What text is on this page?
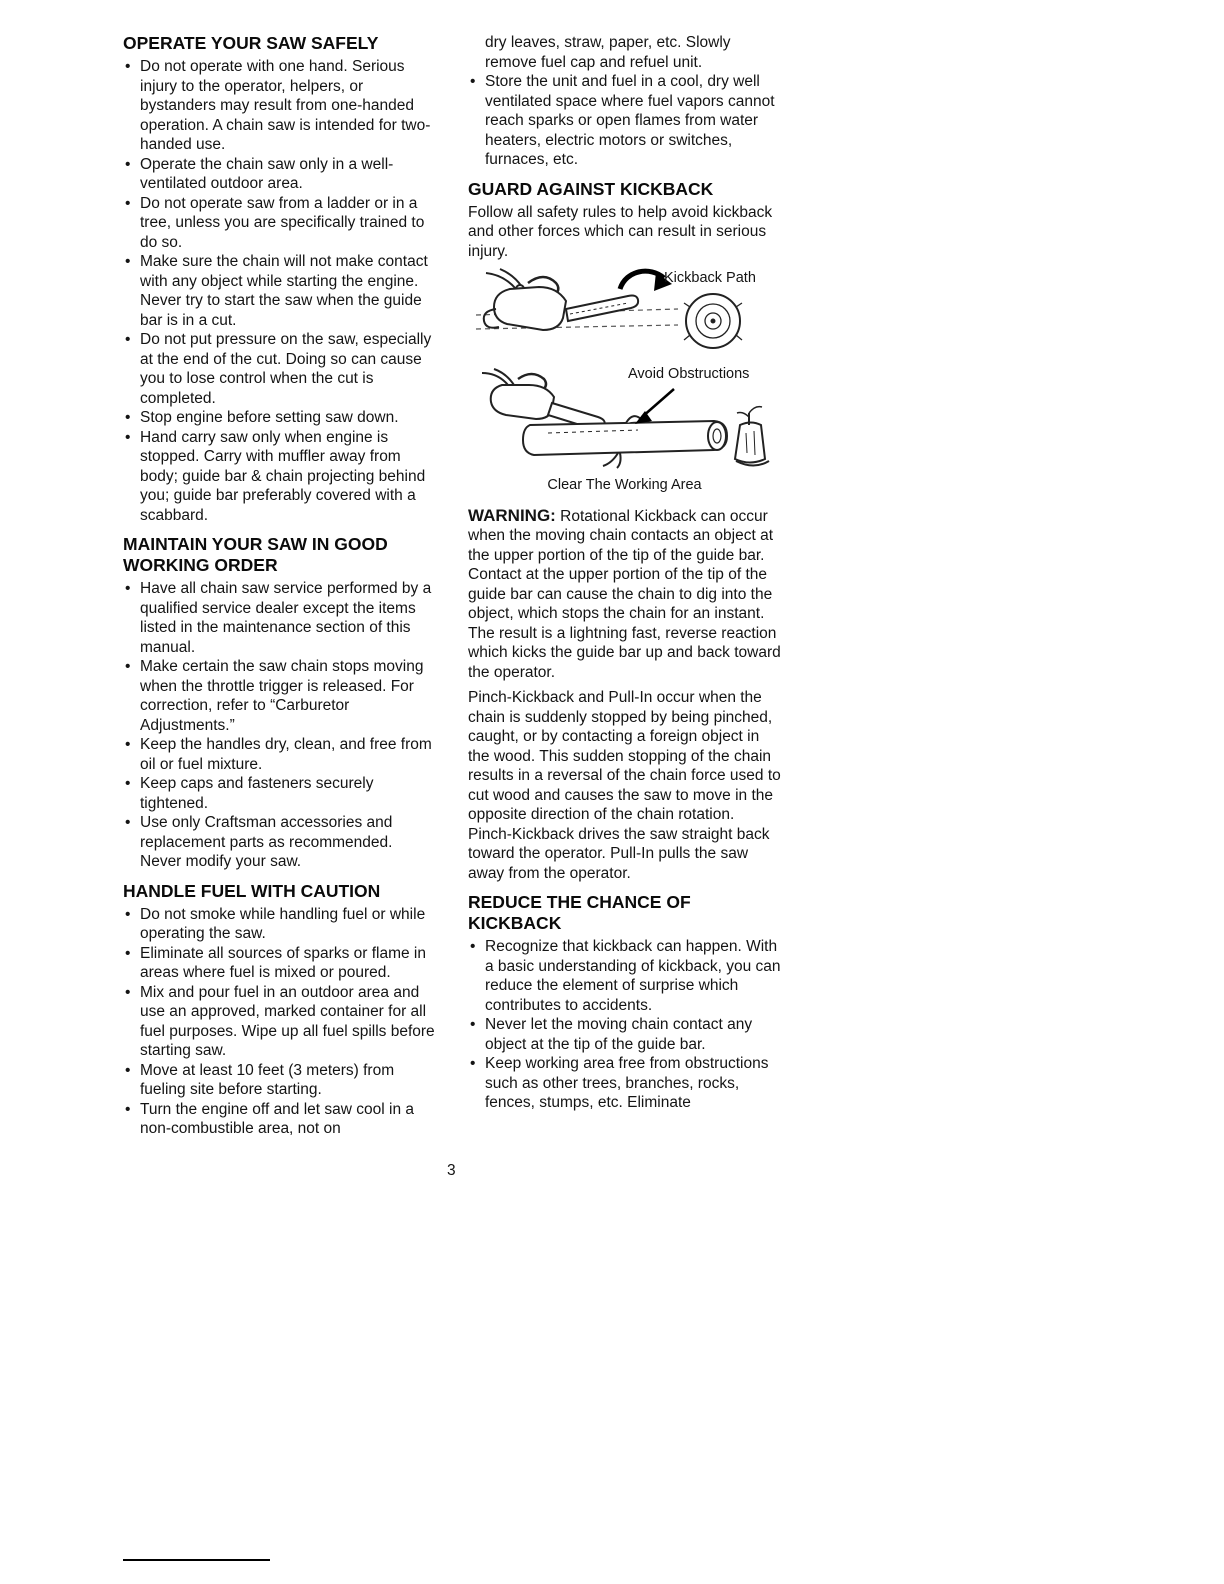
OPERATE YOUR SAW SAFELY
• Do not operate with one hand. Serious injury to the operator, helpers, or bystanders may result from one-handed operation. A chain saw is intended for two-handed use.
• Operate the chain saw only in a well-ventilated outdoor area.
• Do not operate saw from a ladder or in a tree, unless you are specifically trained to do so.
• Make sure the chain will not make contact with any object while starting the engine. Never try to start the saw when the guide bar is in a cut.
• Do not put pressure on the saw, especially at the end of the cut. Doing so can cause you to lose control when the cut is completed.
• Stop engine before setting saw down.
• Hand carry saw only when engine is stopped. Carry with muffler away from body; guide bar & chain projecting behind you; guide bar preferably covered with a scabbard.
MAINTAIN YOUR SAW IN GOOD WORKING ORDER
• Have all chain saw service performed by a qualified service dealer except the items listed in the maintenance section of this manual.
• Make certain the saw chain stops moving when the throttle trigger is released. For correction, refer to “Carburetor Adjustments.”
• Keep the handles dry, clean, and free from oil or fuel mixture.
• Keep caps and fasteners securely tightened.
• Use only Craftsman accessories and replacement parts as recommended. Never modify your saw.
HANDLE FUEL WITH CAUTION
• Do not smoke while handling fuel or while operating the saw.
• Eliminate all sources of sparks or flame in areas where fuel is mixed or poured.
• Mix and pour fuel in an outdoor area and use an approved, marked container for all fuel purposes. Wipe up all fuel spills before starting saw.
• Move at least 10 feet (3 meters) from fueling site before starting.
• Turn the engine off and let saw cool in a non-combustible area, not on

dry leaves, straw, paper, etc. Slowly remove fuel cap and refuel unit.

• Store the unit and fuel in a cool, dry well ventilated space where fuel vapors cannot reach sparks or open flames from water heaters, electric motors or switches, furnaces, etc.
GUARD AGAINST KICKBACK

Follow all safety rules to help avoid kickback and other forces which can result in serious injury.

Kickback Path
Avoid Obstructions

Clear The Working Area

WARNING: Rotational Kickback can occur when the moving chain contacts an object at the upper portion of the tip of the guide bar. Contact at the upper portion of the tip of the guide bar can cause the chain to dig into the object, which stops the chain for an instant. The result is a lightning fast, reverse reaction which kicks the guide bar up and back toward the operator.

Pinch-Kickback and Pull-In occur when the chain is suddenly stopped by being pinched, caught, or by contacting a foreign object in the wood. This sudden stopping of the chain results in a reversal of the chain force used to cut wood and causes the saw to move in the opposite direction of the chain rotation. Pinch-Kickback drives the saw straight back toward the operator. Pull-In pulls the saw away from the operator.

REDUCE THE CHANCE OF KICKBACK
• Recognize that kickback can happen. With a basic understanding of kickback, you can reduce the element of surprise which contributes to accidents.
• Never let the moving chain contact any object at the tip of the guide bar.
• Keep working area free from obstructions such as other trees, branches, rocks, fences, stumps, etc. Eliminate
3
